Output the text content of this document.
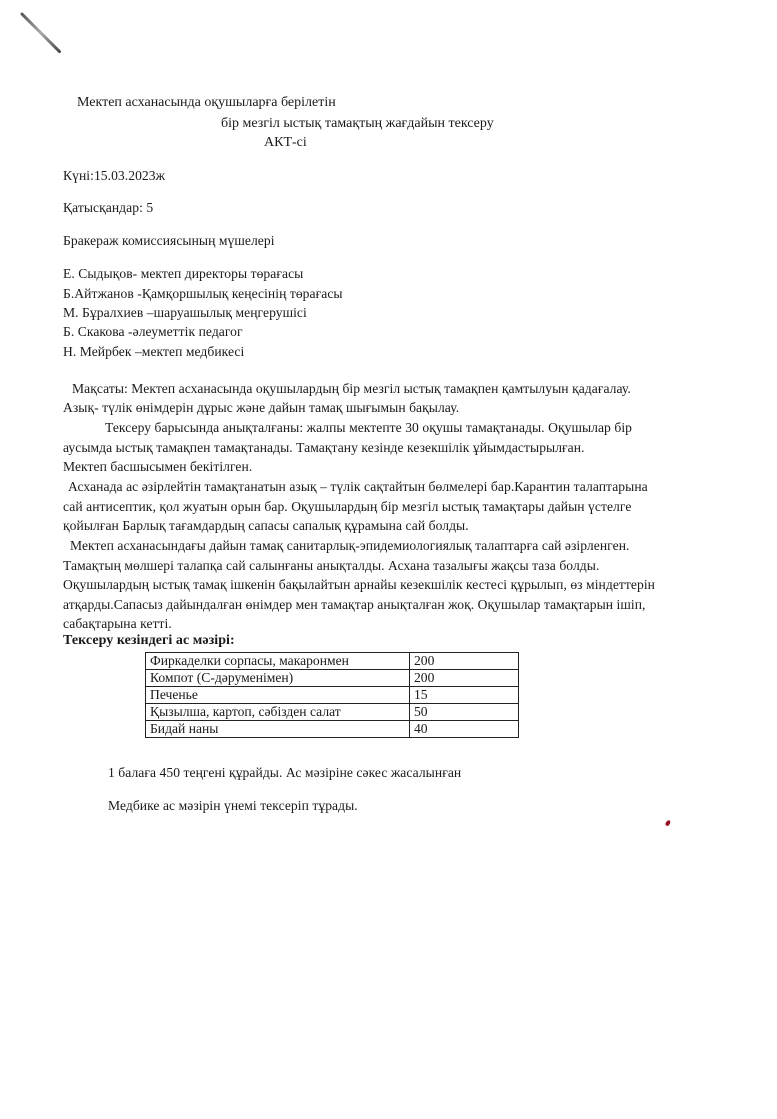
Мектеп асханасында оқушыларға берілетін
бір мезгіл ыстық тамақтың жағдайын тексеру
АКТ-сі
Күні:15.03.2023ж
Қатысқандар: 5
Бракераж комиссиясының мүшелері
Е. Сыдықов- мектеп директоры төрағасы
Б.Айтжанов -Қамқоршылық кеңесінің төрағасы
М. Бұралхиев –шаруашылық меңгерушісі
Б. Скакова -әлеуметтік педагог
Н. Мейрбек –мектеп медбикесі
Мақсаты: Мектеп асханасында оқушылардың бір мезгіл ыстық тамақпен қамтылуын қадағалау.
Азық- түлік өнімдерін дұрыс және дайын тамақ шығымын бақылау.
Тексеру барысында анықталғаны: жалпы мектепте 30 оқушы тамақтанады. Оқушылар бір
аусымда ыстық тамақпен тамақтанады. Тамақтану кезінде кезекшілік ұйымдастырылған.
Мектеп басшысымен бекітілген.
Асханада ас әзірлейтін тамақтанатын азық – түлік сақтайтын бөлмелері бар.Карантин талаптарына
сай антисептик, қол жуатын орын бар. Оқушылардың бір мезгіл ыстық тамақтары дайын үстелге
қойылған Барлық тағамдардың сапасы сапалық құрамына сай болды.
Мектеп асханасындағы дайын тамақ санитарлық-эпидемиологиялық талаптарға сай әзірленген.
Тамақтың мөлшері талапқа сай салынғаны анықталды. Асхана тазалығы жақсы таза болды.
Оқушылардың ыстық тамақ ішкенін бақылайтын арнайы кезекшілік кестесі құрылып, өз міндеттерін
атқарды.Сапасыз дайындалған өнімдер мен тамақтар анықталған жоқ. Оқушылар тамақтарын ішіп,
сабақтарына кетті.
Тексеру кезіндегі ас мәзірі:
Фиркаделки сорпасы, макаронмен	200
Компот (С-дәруменімен)	200
Печенье	15
Қызылша, картоп, сәбізден салат	50
Бидай наны	40
1 балаға 450 теңгені құрайды. Ас мәзіріне сәкес жасалынған
Медбике ас мәзірін үнемі тексеріп тұрады.
